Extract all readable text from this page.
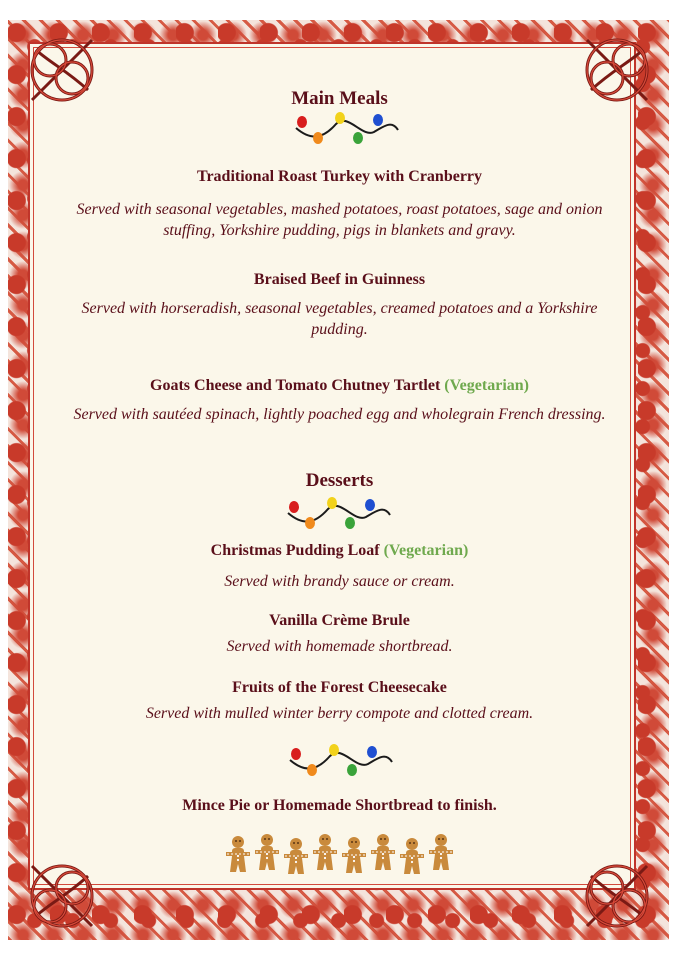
Main Meals
Traditional Roast Turkey with Cranberry
Served with seasonal vegetables, mashed potatoes, roast potatoes, sage and onion stuffing, Yorkshire pudding, pigs in blankets and gravy.
Braised Beef in Guinness
Served with horseradish, seasonal vegetables, creamed potatoes and a Yorkshire pudding.
Goats Cheese and Tomato Chutney Tartlet (Vegetarian)
Served with sautéed spinach, lightly poached egg and wholegrain French dressing.
Desserts
Christmas Pudding Loaf (Vegetarian)
Served with brandy sauce or cream.
Vanilla Crème Brule
Served with homemade shortbread.
Fruits of the Forest Cheesecake
Served with mulled winter berry compote and clotted cream.
Mince Pie or Homemade Shortbread to finish.
